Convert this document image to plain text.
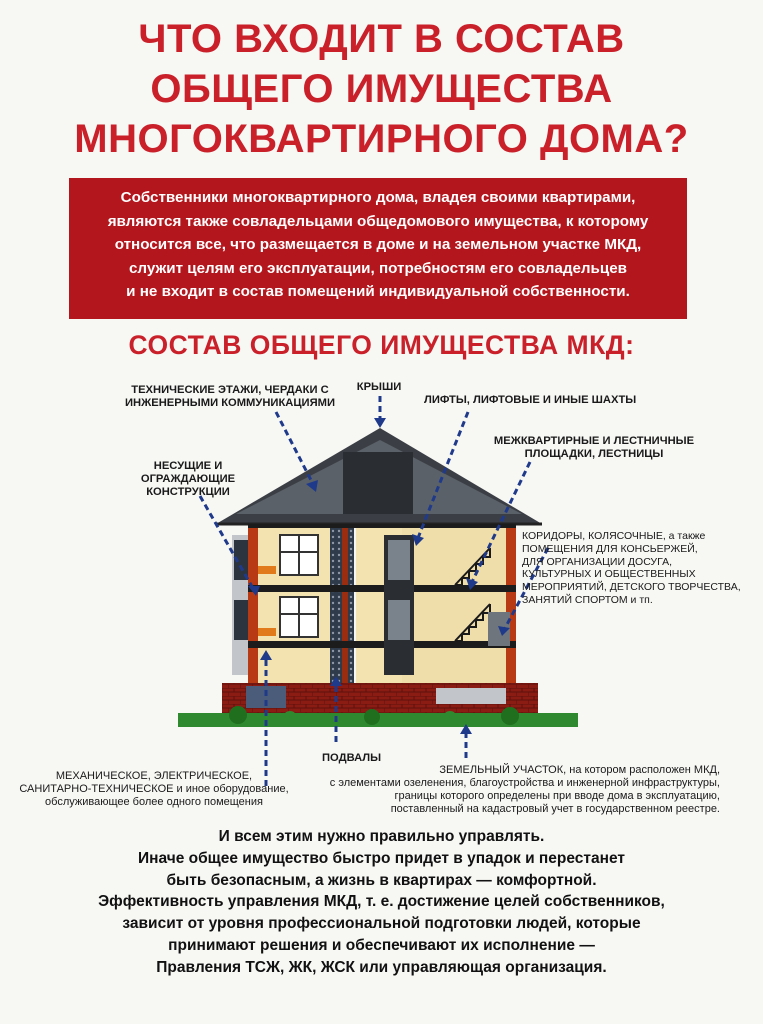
ЧТО ВХОДИТ В СОСТАВ
ОБЩЕГО ИМУЩЕСТВА
МНОГОКВАРТИРНОГО ДОМА?
Собственники многоквартирного дома, владея своими квартирами,
являются также совладельцами общедомового имущества, к которому
относится все, что размещается в доме и на земельном участке МКД,
служит целям его эксплуатации, потребностям его совладельцев
и не входит в состав помещений индивидуальной собственности.
СОСТАВ ОБЩЕГО ИМУЩЕСТВА МКД:
ТЕХНИЧЕСКИЕ ЭТАЖИ, ЧЕРДАКИ С
ИНЖЕНЕРНЫМИ КОММУНИКАЦИЯМИ
КРЫШИ
ЛИФТЫ, ЛИФТОВЫЕ И ИНЫЕ ШАХТЫ
МЕЖКВАРТИРНЫЕ И ЛЕСТНИЧНЫЕ
ПЛОЩАДКИ, ЛЕСТНИЦЫ
НЕСУЩИЕ И
ОГРАЖДАЮЩИЕ
КОНСТРУКЦИИ
КОРИДОРЫ, КОЛЯСОЧНЫЕ, а также
ПОМЕЩЕНИЯ ДЛЯ КОНСЬЕРЖЕЙ,
ДЛЯ ОРГАНИЗАЦИИ ДОСУГА,
КУЛЬТУРНЫХ И ОБЩЕСТВЕННЫХ
МЕРОПРИЯТИЙ, ДЕТСКОГО ТВОРЧЕСТВА,
ЗАНЯТИЙ СПОРТОМ и тп.
ПОДВАЛЫ
МЕХАНИЧЕСКОЕ, ЭЛЕКТРИЧЕСКОЕ,
САНИТАРНО-ТЕХНИЧЕСКОЕ и иное оборудование,
обслуживающее более одного помещения
ЗЕМЕЛЬНЫЙ УЧАСТОК, на котором расположен МКД,
с элементами озеленения, благоустройства и инженерной инфраструктуры,
границы которого определены при вводе дома в эксплуатацию,
поставленный на кадастровый учет в государственном реестре.
И всем этим нужно правильно управлять.
Иначе общее имущество быстро придет в упадок и перестанет
быть безопасным, а жизнь в квартирах — комфортной.
Эффективность управления МКД, т. е. достижение целей собственников,
зависит от уровня профессиональной подготовки людей, которые
принимают решения и обеспечивают их исполнение —
Правления ТСЖ, ЖК, ЖСК или управляющая организация.
